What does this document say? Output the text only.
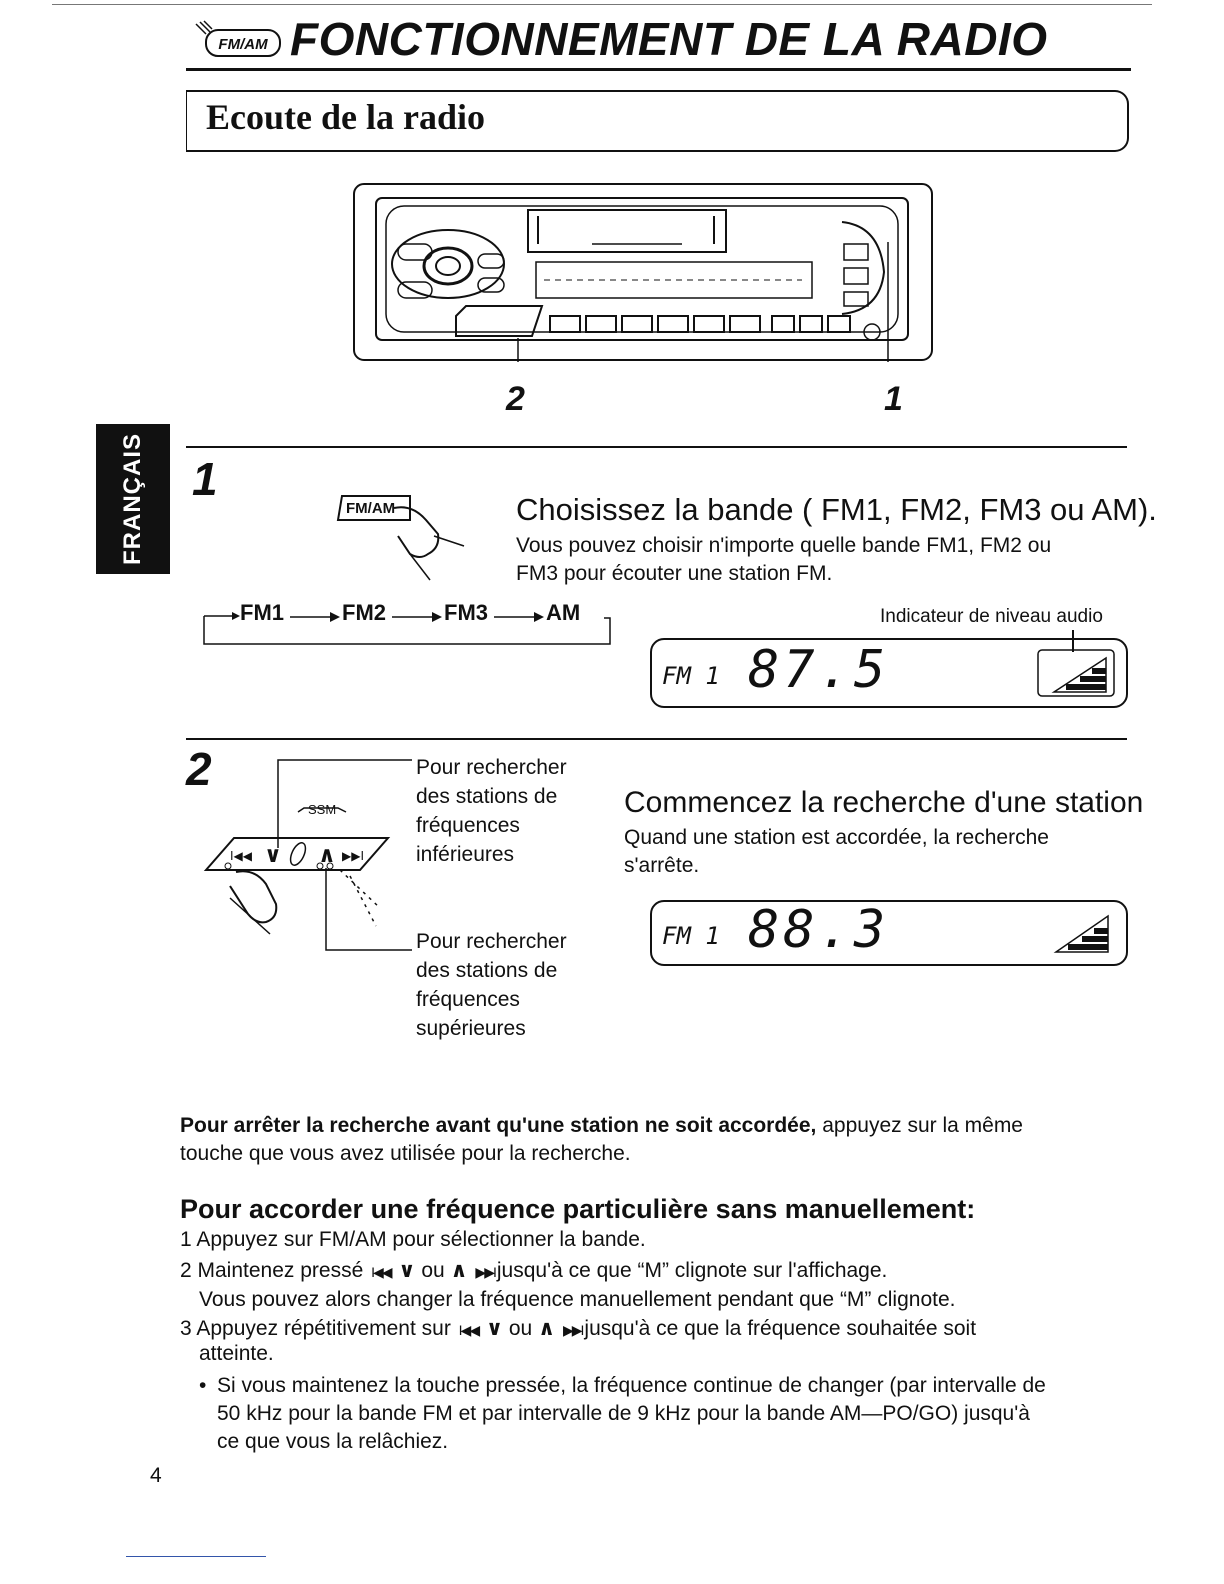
FM/AM FONCTIONNEMENT DE LA RADIO
Ecoute de la radio
2	1
FRANÇAIS 1
FM/AM	Choisissez la bande ( FM1, FM2, FM3 ou AM).
Vous pouvez choisir n'importe quelle bande FM1, FM2 ou
FM3 pour écouter une station FM.
FM1	FM2	FM3	AM	Indicateur de niveau audio
FM 1 87.5
2
I◀◀ ∨ ∧ ▶▶I
SSM
Pour rechercher
des stations de
fréquences
inférieures
Pour rechercher
des stations de
fréquences
supérieures
Commencez la recherche d'une station
Quand une station est accordée, la recherche
s'arrête.
FM 1 88.3
Pour arrêter la recherche avant qu'une station ne soit accordée, appuyez sur la même
touche que vous avez utilisée pour la recherche.
Pour accorder une fréquence particulière sans manuellement:
1 Appuyez sur FM/AM pour sélectionner la bande.
2 Maintenez pressé I◀◀ ∨ ou ∧ ▶▶Ijusqu'à ce que “M” clignote sur l'affichage.
Vous pouvez alors changer la fréquence manuellement pendant que “M” clignote.
3 Appuyez répétitivement sur I◀◀ ∨ ou ∧ ▶▶Ijusqu'à ce que la fréquence souhaitée soit
atteinte.
• Si vous maintenez la touche pressée, la fréquence continue de changer (par intervalle de
50 kHz pour la bande FM et par intervalle de 9 kHz pour la bande AM—PO/GO) jusqu'à
ce que vous la relâchiez.
4
